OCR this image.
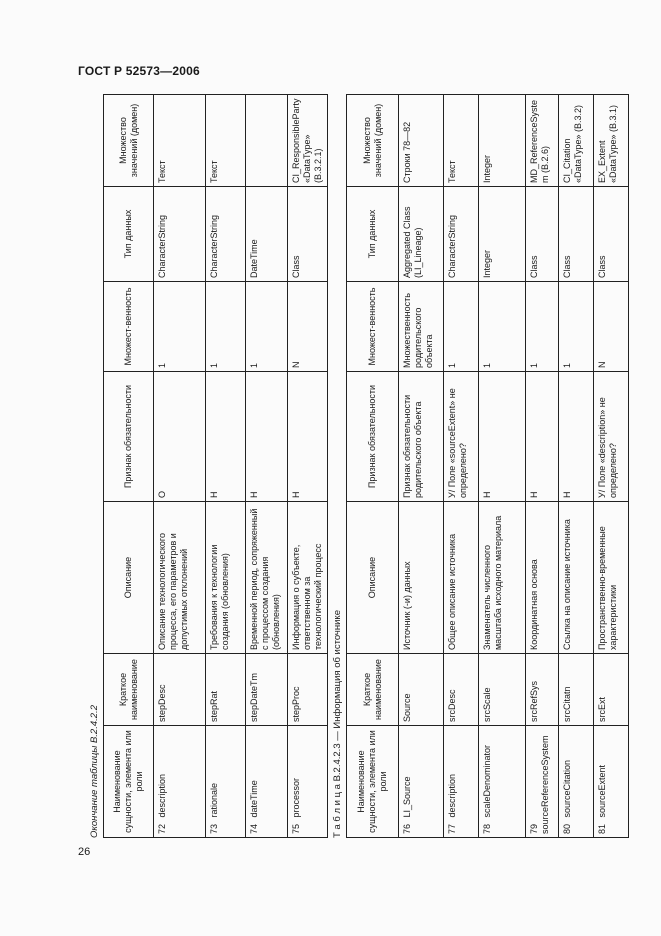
ГОСТ Р 52573—2006
Окончание таблицы В.2.4.2.2	Наименование сущности, элемента или роли	Краткое наименование	Описание	Признак обязательности	Множест-венность	Тип данных	Множество значений (домен)
72 description	stepDesc	Описание технологического процесса, его параметров и допустимых отклонений	О	1	CharacterString	Текст
73 rationale	stepRat	Требования к технологии создания (обновления)	Н	1	CharacterString	Текст
74 dateTime	stepDateTm	Временной период, сопряженный с процессом создания (обновления)	Н	1	DateTime	
75 processor	stepProc	Информация о субъекте, ответственном за технологический процесс	Н	N	Class	CI_ResponsibleParty «DataType» (B.3.2.1)
Т а б л и ц а В.2.4.2.3 — Информация об источнике	Наименование сущности, элемента или роли	Краткое наименование	Описание	Признак обязательности	Множест-венность	Тип данных	Множество значений (домен)
76 LI_Source	Source	Источник (-и) данных	Признак обязательности родительского объекта	Множественность родительского объекта	Aggregated Class (LI_Lineage)	Строки 78—82
77 description	srcDesc	Общее описание источника	У/ Поле «sourceExtent» не определено?	1	CharacterString	Текст
78 scaleDenominator	srcScale	Знаменатель численного масштаба исходного материала	Н	1	Integer	Integer
79 sourceReferenceSystem	srcRefSys	Координатная основа	Н	1	Class	MD_ReferenceSystem (B.2.6)
80 sourceCitation	srcCitatn	Ссылка на описание источника	Н	1	Class	CI_Citation «DataType» (B.3.2)
81 sourceExtent	srcExt	Пространственно-временные характеристики	У/ Поле «description» не определено?	N	Class	EX_Extent «DataType» (B.3.1)
26
